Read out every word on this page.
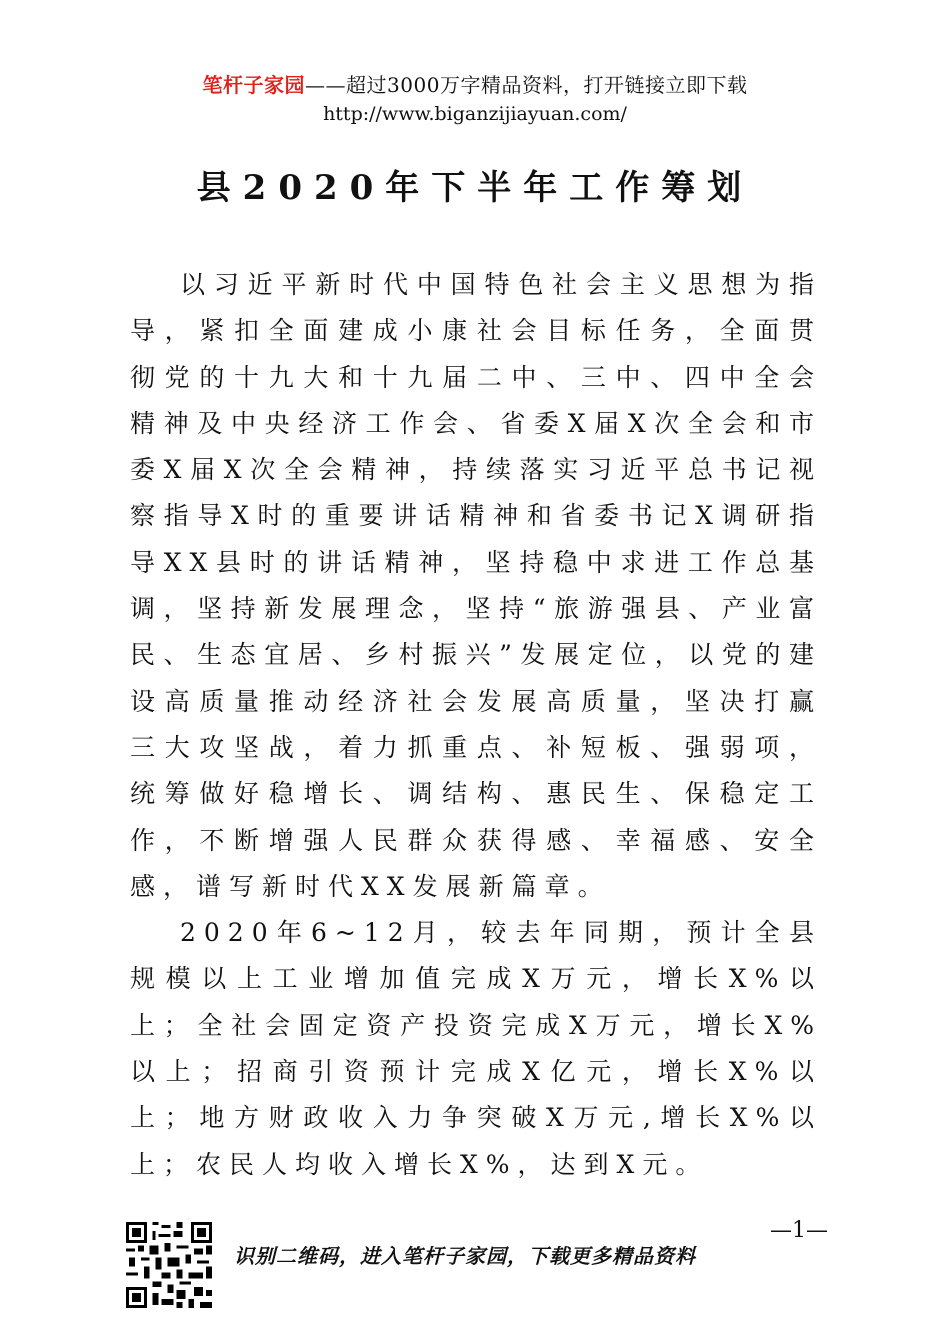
笔杆子家园——超过3000万字精品资料，打开链接立即下载
http://www.biganzijiayuan.com/
县2020年下半年工作筹划

以习近平新时代中国特色社会主义思想为指导，紧扣全面建成小康社会目标任务，全面贯彻党的十九大和十九届二中、三中、四中全会精神及中央经济工作会、省委X届X次全会和市委X届X次全会精神，持续落实习近平总书记视察指导X时的重要讲话精神和省委书记X调研指导XX县时的讲话精神，坚持稳中求进工作总基调，坚持新发展理念，坚持“旅游强县、产业富民、生态宜居、乡村振兴”发展定位，以党的建设高质量推动经济社会发展高质量，坚决打赢三大攻坚战，着力抓重点、补短板、强弱项，统筹做好稳增长、调结构、惠民生、保稳定工作，不断增强人民群众获得感、幸福感、安全感，谱写新时代XX发展新篇章。

2020年6~12月，较去年同期，预计全县规模以上工业增加值完成X万元，增长X%以上；全社会固定资产投资完成X万元，增长X%以上；招商引资预计完成X亿元，增长X%以上；地方财政收入力争突破X万元,增长X%以上；农民人均收入增长X%，达到X元。

—1—
识别二维码，进入笔杆子家园，下载更多精品资料
